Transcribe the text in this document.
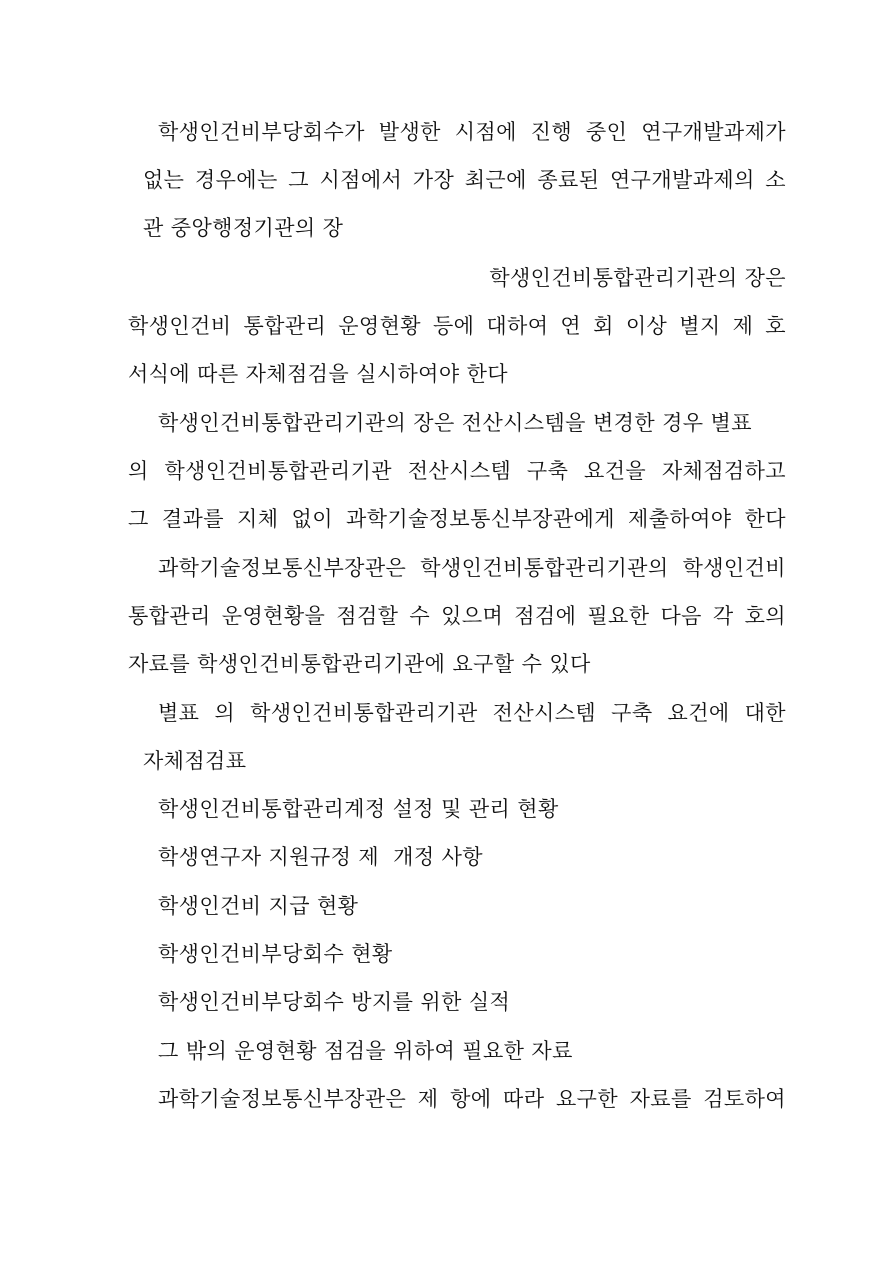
학생인건비부당회수가 발생한 시점에 진행 중인 연구개발과제가
없는 경우에는 그 시점에서 가장 최근에 종료된 연구개발과제의 소
관 중앙행정기관의 장
학생인건비통합관리기관의 장은
학생인건비 통합관리 운영현황 등에 대하여 연 회 이상 별지 제 호
서식에 따른 자체점검을 실시하여야 한다
학생인건비통합관리기관의 장은 전산시스템을 변경한 경우 별표
의 학생인건비통합관리기관 전산시스템 구축 요건을 자체점검하고
그 결과를 지체 없이 과학기술정보통신부장관에게 제출하여야 한다
과학기술정보통신부장관은 학생인건비통합관리기관의 학생인건비
통합관리 운영현황을 점검할 수 있으며 점검에 필요한 다음 각 호의
자료를 학생인건비통합관리기관에 요구할 수 있다
별표 의 학생인건비통합관리기관 전산시스템 구축 요건에 대한
자체점검표
학생인건비통합관리계정 설정 및 관리 현황
학생연구자 지원규정 제  개정 사항
학생인건비 지급 현황
학생인건비부당회수 현황
학생인건비부당회수 방지를 위한 실적
그 밖의 운영현황 점검을 위하여 필요한 자료
과학기술정보통신부장관은 제 항에 따라 요구한 자료를 검토하여
